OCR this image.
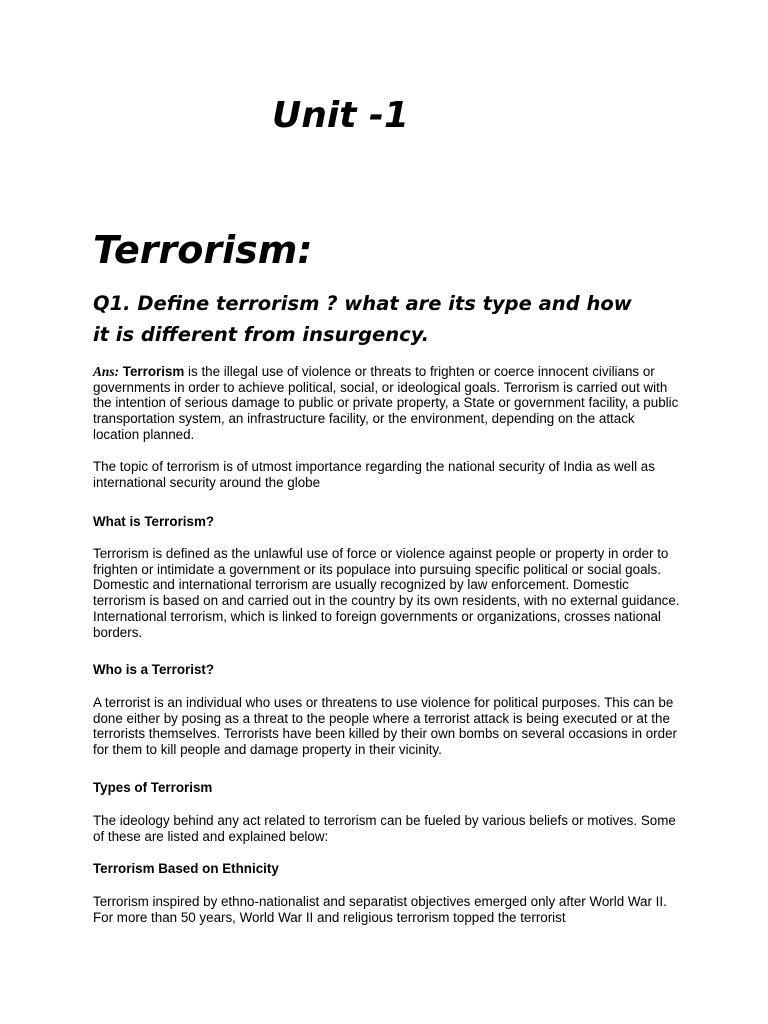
Unit -1
Terrorism:
Q1. Define terrorism ? what are its type and how it is different from insurgency.

Ans: Terrorism is the illegal use of violence or threats to frighten or coerce innocent civilians or governments in order to achieve political, social, or ideological goals. Terrorism is carried out with the intention of serious damage to public or private property, a State or government facility, a public transportation system, an infrastructure facility, or the environment, depending on the attack location planned.

The topic of terrorism is of utmost importance regarding the national security of India as well as international security around the globe

What is Terrorism?

Terrorism is defined as the unlawful use of force or violence against people or property in order to frighten or intimidate a government or its populace into pursuing specific political or social goals. Domestic and international terrorism are usually recognized by law enforcement. Domestic terrorism is based on and carried out in the country by its own residents, with no external guidance. International terrorism, which is linked to foreign governments or organizations, crosses national borders.

Who is a Terrorist?

A terrorist is an individual who uses or threatens to use violence for political purposes. This can be done either by posing as a threat to the people where a terrorist attack is being executed or at the terrorists themselves. Terrorists have been killed by their own bombs on several occasions in order for them to kill people and damage property in their vicinity.

Types of Terrorism

The ideology behind any act related to terrorism can be fueled by various beliefs or motives. Some of these are listed and explained below:

Terrorism Based on Ethnicity

Terrorism inspired by ethno-nationalist and separatist objectives emerged only after World War II. For more than 50 years, World War II and religious terrorism topped the terrorist
